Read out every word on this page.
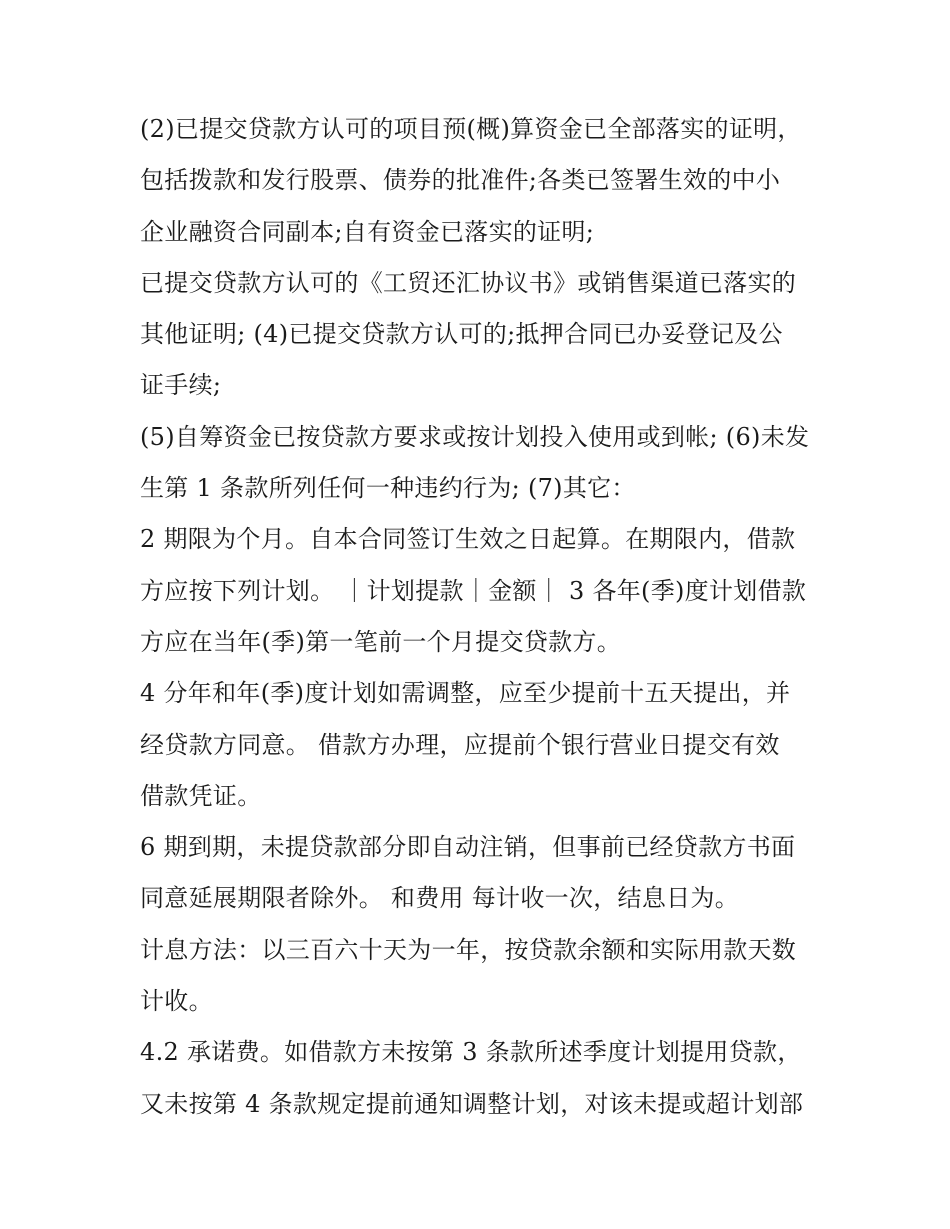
(2)已提交贷款方认可的项目预(概)算资金已全部落实的证明，
包括拨款和发行股票、债券的批准件;各类已签署生效的中小
企业融资合同副本;自有资金已落实的证明;
已提交贷款方认可的《工贸还汇协议书》或销售渠道已落实的
其他证明; (4)已提交贷款方认可的;抵押合同已办妥登记及公
证手续;
(5)自筹资金已按贷款方要求或按计划投入使用或到帐; (6)未发
生第 1 条款所列任何一种违约行为; (7)其它：
2 期限为个月。自本合同签订生效之日起算。在期限内，借款
方应按下列计划。 ｜计划提款｜金额｜ 3 各年(季)度计划借款
方应在当年(季)第一笔前一个月提交贷款方。
4 分年和年(季)度计划如需调整，应至少提前十五天提出，并
经贷款方同意。 借款方办理，应提前个银行营业日提交有效
借款凭证。
6 期到期，未提贷款部分即自动注销，但事前已经贷款方书面
同意延展期限者除外。 和费用 每计收一次，结息日为。
计息方法：以三百六十天为一年，按贷款余额和实际用款天数
计收。
4.2 承诺费。如借款方未按第 3 条款所述季度计划提用贷款，
又未按第 4 条款规定提前通知调整计划，对该未提或超计划部
